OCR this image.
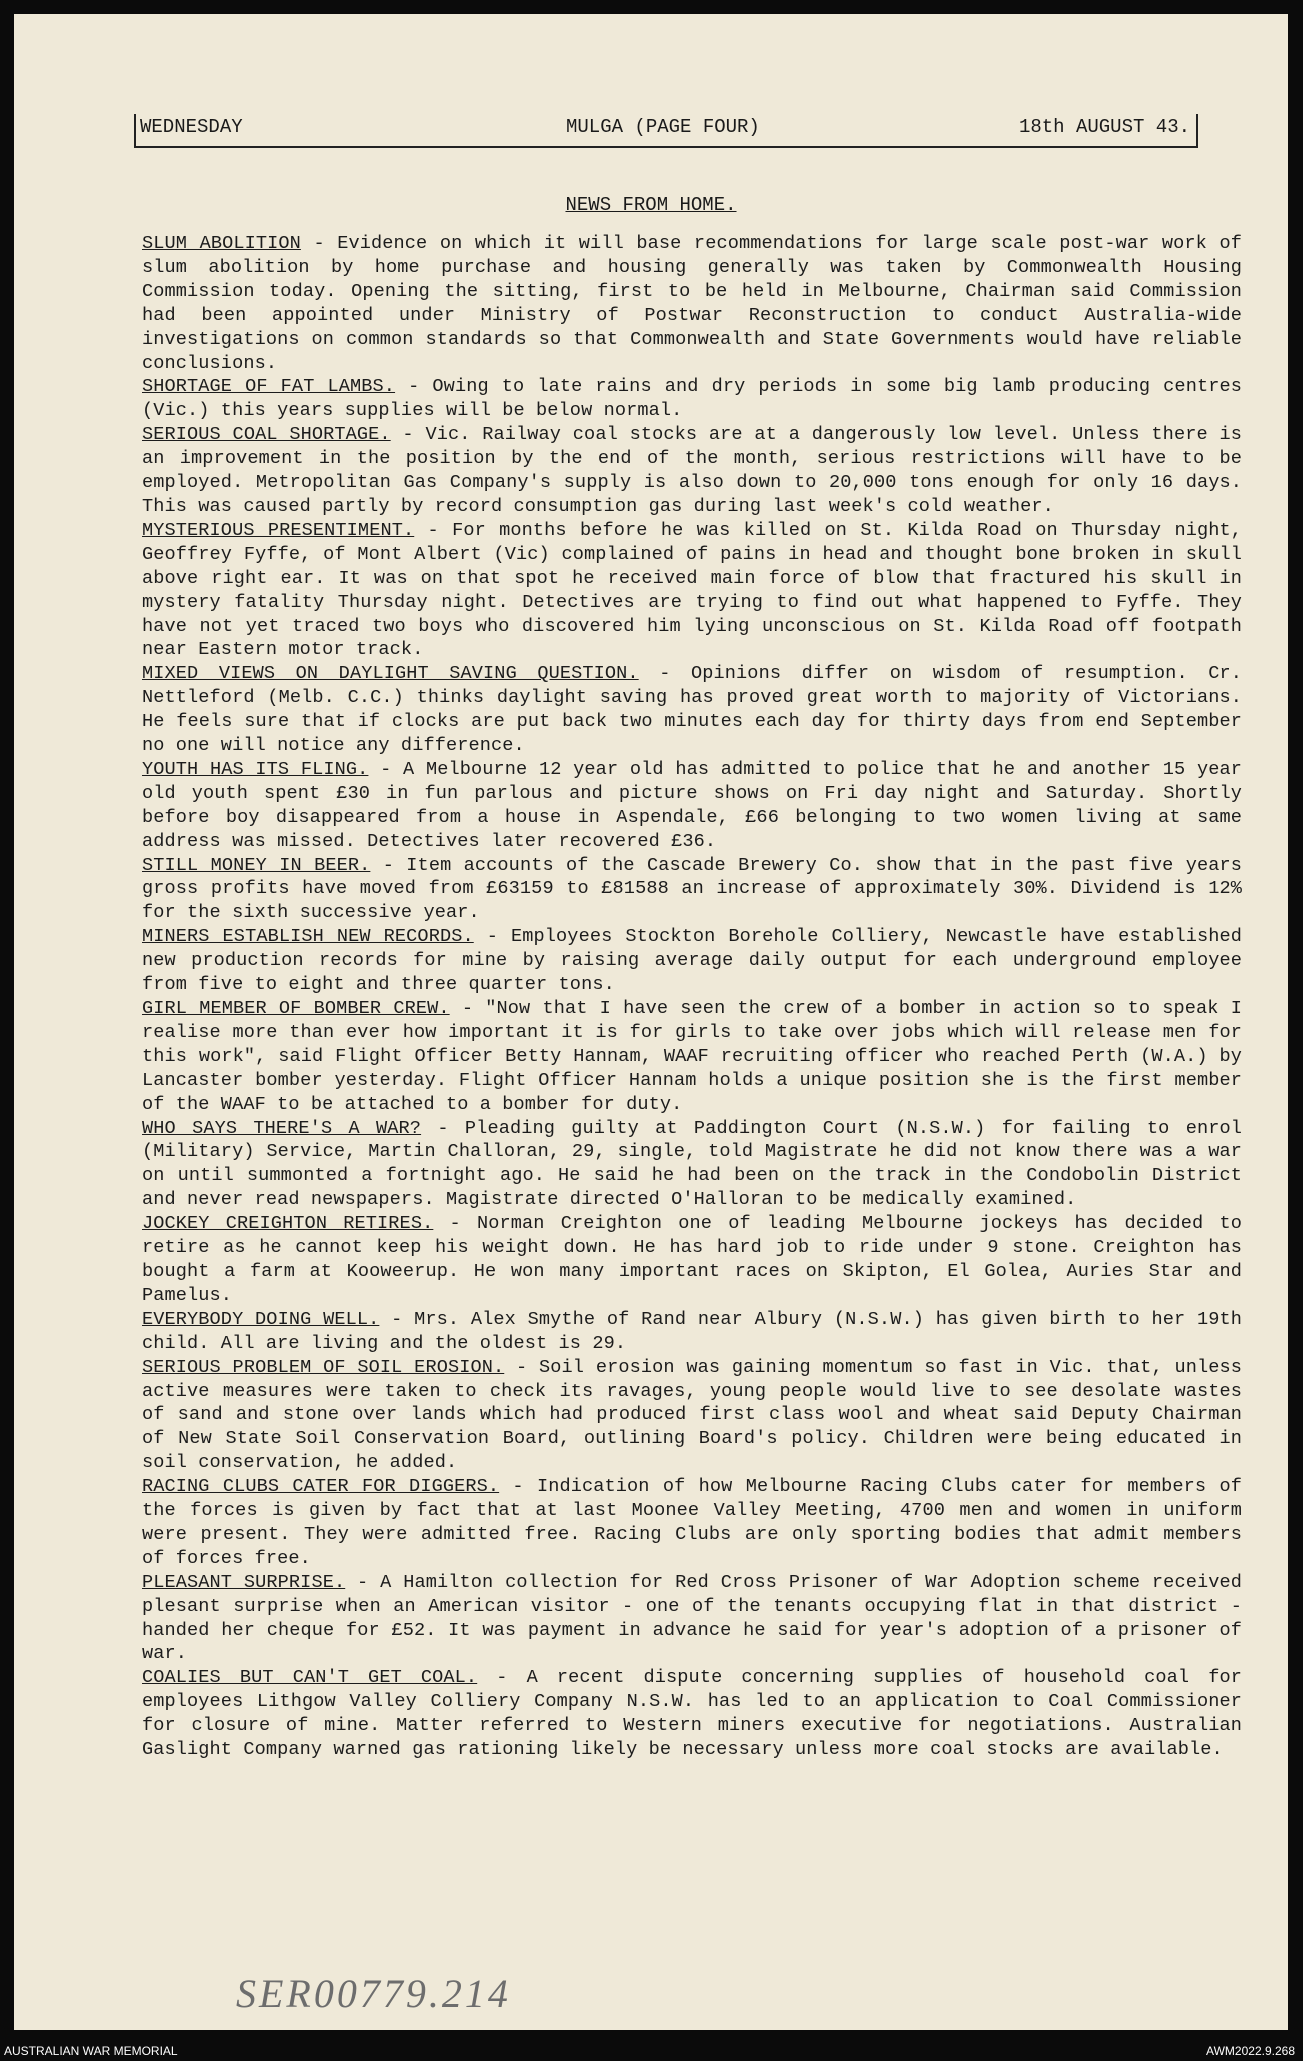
WEDNESDAY	MULGA (PAGE FOUR)	18th AUGUST 43.
NEWS FROM HOME.

SLUM ABOLITION - Evidence on which it will base recommendations for large scale post-war work of slum abolition by home purchase and housing generally was taken by Commonwealth Housing Commission today. Opening the sitting, first to be held in Melbourne, Chairman said Commission had been appointed under Ministry of Postwar Reconstruction to conduct Australia-wide investigations on common standards so that Commonwealth and State Governments would have reliable conclusions.

SHORTAGE OF FAT LAMBS. - Owing to late rains and dry periods in some big lamb producing centres (Vic.) this years supplies will be below normal.

SERIOUS COAL SHORTAGE. - Vic. Railway coal stocks are at a dangerously low level. Unless there is an improvement in the position by the end of the month, serious restrictions will have to be employed. Metropolitan Gas Company's supply is also down to 20,000 tons enough for only 16 days. This was caused partly by record consumption gas during last week's cold weather.

MYSTERIOUS PRESENTIMENT. - For months before he was killed on St. Kilda Road on Thursday night, Geoffrey Fyffe, of Mont Albert (Vic) complained of pains in head and thought bone broken in skull above right ear. It was on that spot he received main force of blow that fractured his skull in mystery fatality Thursday night. Detectives are trying to find out what happened to Fyffe. They have not yet traced two boys who discovered him lying unconscious on St. Kilda Road off footpath near Eastern motor track.

MIXED VIEWS ON DAYLIGHT SAVING QUESTION. - Opinions differ on wisdom of resumption. Cr. Nettleford (Melb. C.C.) thinks daylight saving has proved great worth to majority of Victorians. He feels sure that if clocks are put back two minutes each day for thirty days from end September no one will notice any difference.

YOUTH HAS ITS FLING. - A Melbourne 12 year old has admitted to police that he and another 15 year old youth spent £30 in fun parlous and picture shows on Fri day night and Saturday. Shortly before boy disappeared from a house in Aspendale, £66 belonging to two women living at same address was missed. Detectives later recovered £36.

STILL MONEY IN BEER. - Item accounts of the Cascade Brewery Co. show that in the past five years gross profits have moved from £63159 to £81588 an increase of approximately 30%. Dividend is 12% for the sixth successive year.

MINERS ESTABLISH NEW RECORDS. - Employees Stockton Borehole Colliery, Newcastle have established new production records for mine by raising average daily output for each underground employee from five to eight and three quarter tons.

GIRL MEMBER OF BOMBER CREW. - "Now that I have seen the crew of a bomber in action so to speak I realise more than ever how important it is for girls to take over jobs which will release men for this work", said Flight Officer Betty Hannam, WAAF recruiting officer who reached Perth (W.A.) by Lancaster bomber yesterday. Flight Officer Hannam holds a unique position she is the first member of the WAAF to be attached to a bomber for duty.

WHO SAYS THERE'S A WAR? - Pleading guilty at Paddington Court (N.S.W.) for failing to enrol (Military) Service, Martin Challoran, 29, single, told Magistrate he did not know there was a war on until summonted a fortnight ago. He said he had been on the track in the Condobolin District and never read newspapers. Magistrate directed O'Halloran to be medically examined.

JOCKEY CREIGHTON RETIRES. - Norman Creighton one of leading Melbourne jockeys has decided to retire as he cannot keep his weight down. He has hard job to ride under 9 stone. Creighton has bought a farm at Kooweerup. He won many important races on Skipton, El Golea, Auries Star and Pamelus.

EVERYBODY DOING WELL. - Mrs. Alex Smythe of Rand near Albury (N.S.W.) has given birth to her 19th child. All are living and the oldest is 29.

SERIOUS PROBLEM OF SOIL EROSION. - Soil erosion was gaining momentum so fast in Vic. that, unless active measures were taken to check its ravages, young people would live to see desolate wastes of sand and stone over lands which had produced first class wool and wheat said Deputy Chairman of New State Soil Conservation Board, outlining Board's policy. Children were being educated in soil conservation, he added.

RACING CLUBS CATER FOR DIGGERS. - Indication of how Melbourne Racing Clubs cater for members of the forces is given by fact that at last Moonee Valley Meeting, 4700 men and women in uniform were present. They were admitted free. Racing Clubs are only sporting bodies that admit members of forces free.

PLEASANT SURPRISE. - A Hamilton collection for Red Cross Prisoner of War Adoption scheme received plesant surprise when an American visitor - one of the tenants occupying flat in that district - handed her cheque for £52. It was payment in advance he said for year's adoption of a prisoner of war.

COALIES BUT CAN'T GET COAL. - A recent dispute concerning supplies of household coal for employees Lithgow Valley Colliery Company N.S.W. has led to an application to Coal Commissioner for closure of mine. Matter referred to Western miners executive for negotiations. Australian Gaslight Company warned gas rationing likely be necessary unless more coal stocks are available.

SER00779.214
AUSTRALIAN WAR MEMORIAL	AWM2022.9.268
